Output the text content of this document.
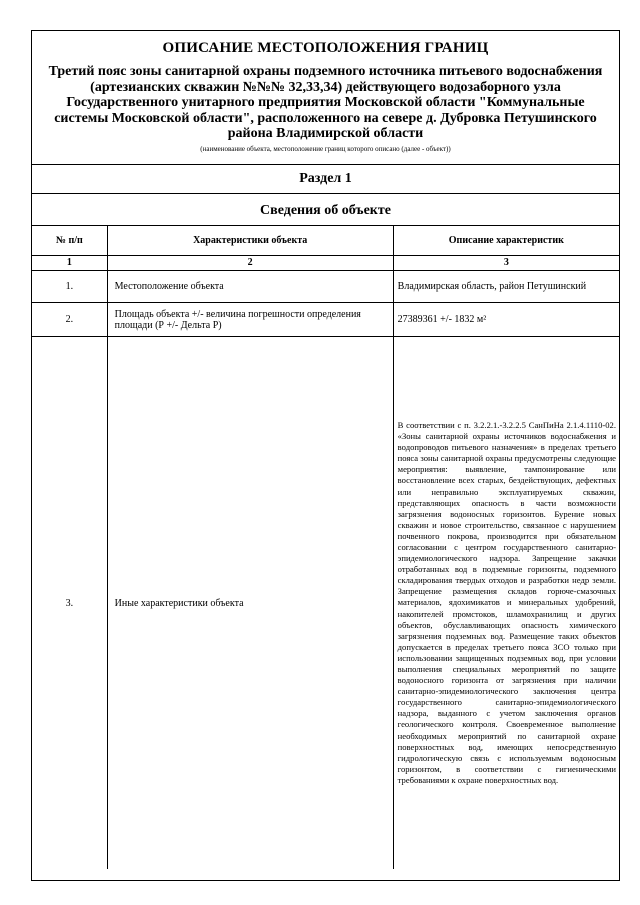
ОПИСАНИЕ МЕСТОПОЛОЖЕНИЯ ГРАНИЦ
Третий пояс зоны санитарной охраны подземного источника питьевого водоснабжения (артезианских скважин №№№ 32,33,34) действующего водозаборного узла Государственного унитарного предприятия Московской области "Коммунальные системы Московской области", расположенного на севере д. Дубровка Петушинского района Владимирской области
(наименование объекта, местоположение границ которого описано (далее - объект))
Раздел 1
Сведения об объекте
№ п/п	Характеристики объекта	Описание характеристик
1	2	3
1.	Местоположение объекта	Владимирская область, район Петушинский
2.	Площадь объекта +/- величина погрешности определения площади (Р +/- Дельта Р)	27389361 +/- 1832 м²
3.	Иные характеристики объекта	В соответствии с п. 3.2.2.1.-3.2.2.5 СанПиНа 2.1.4.1110-02. «Зоны санитарной охраны источников водоснабжения и водопроводов питьевого назначения» в пределах третьего пояса зоны санитарной охраны предусмотрены следующие мероприятия: выявление, тампонирование или восстановление всех старых, бездействующих, дефектных или неправильно эксплуатируемых скважин, представляющих опасность в части возможности загрязнения водоносных горизонтов. Бурение новых скважин и новое строительство, связанное с нарушением почвенного покрова, производится при обязательном согласовании с центром государственного санитарно-эпидемиологического надзора. Запрещение закачки отработанных вод в подземные горизонты, подземного складирования твердых отходов и разработки недр земли. Запрещение размещения складов горюче-смазочных материалов, ядохимикатов и минеральных удобрений, накопителей промстоков, шламохранилищ и других объектов, обуславливающих опасность химического загрязнения подземных вод. Размещение таких объектов допускается в пределах третьего пояса ЗСО только при использовании защищенных подземных вод, при условии выполнения специальных мероприятий по защите водоносного горизонта от загрязнения при наличии санитарно-эпидемиологического заключения центра государственного санитарно-эпидемиологического надзора, выданного с учетом заключения органов геологического контроля. Своевременное выполнение необходимых мероприятий по санитарной охране поверхностных вод, имеющих непосредственную гидрологическую связь с используемым водоносным горизонтом, в соответствии с гигиеническими требованиями к охране поверхностных вод.
